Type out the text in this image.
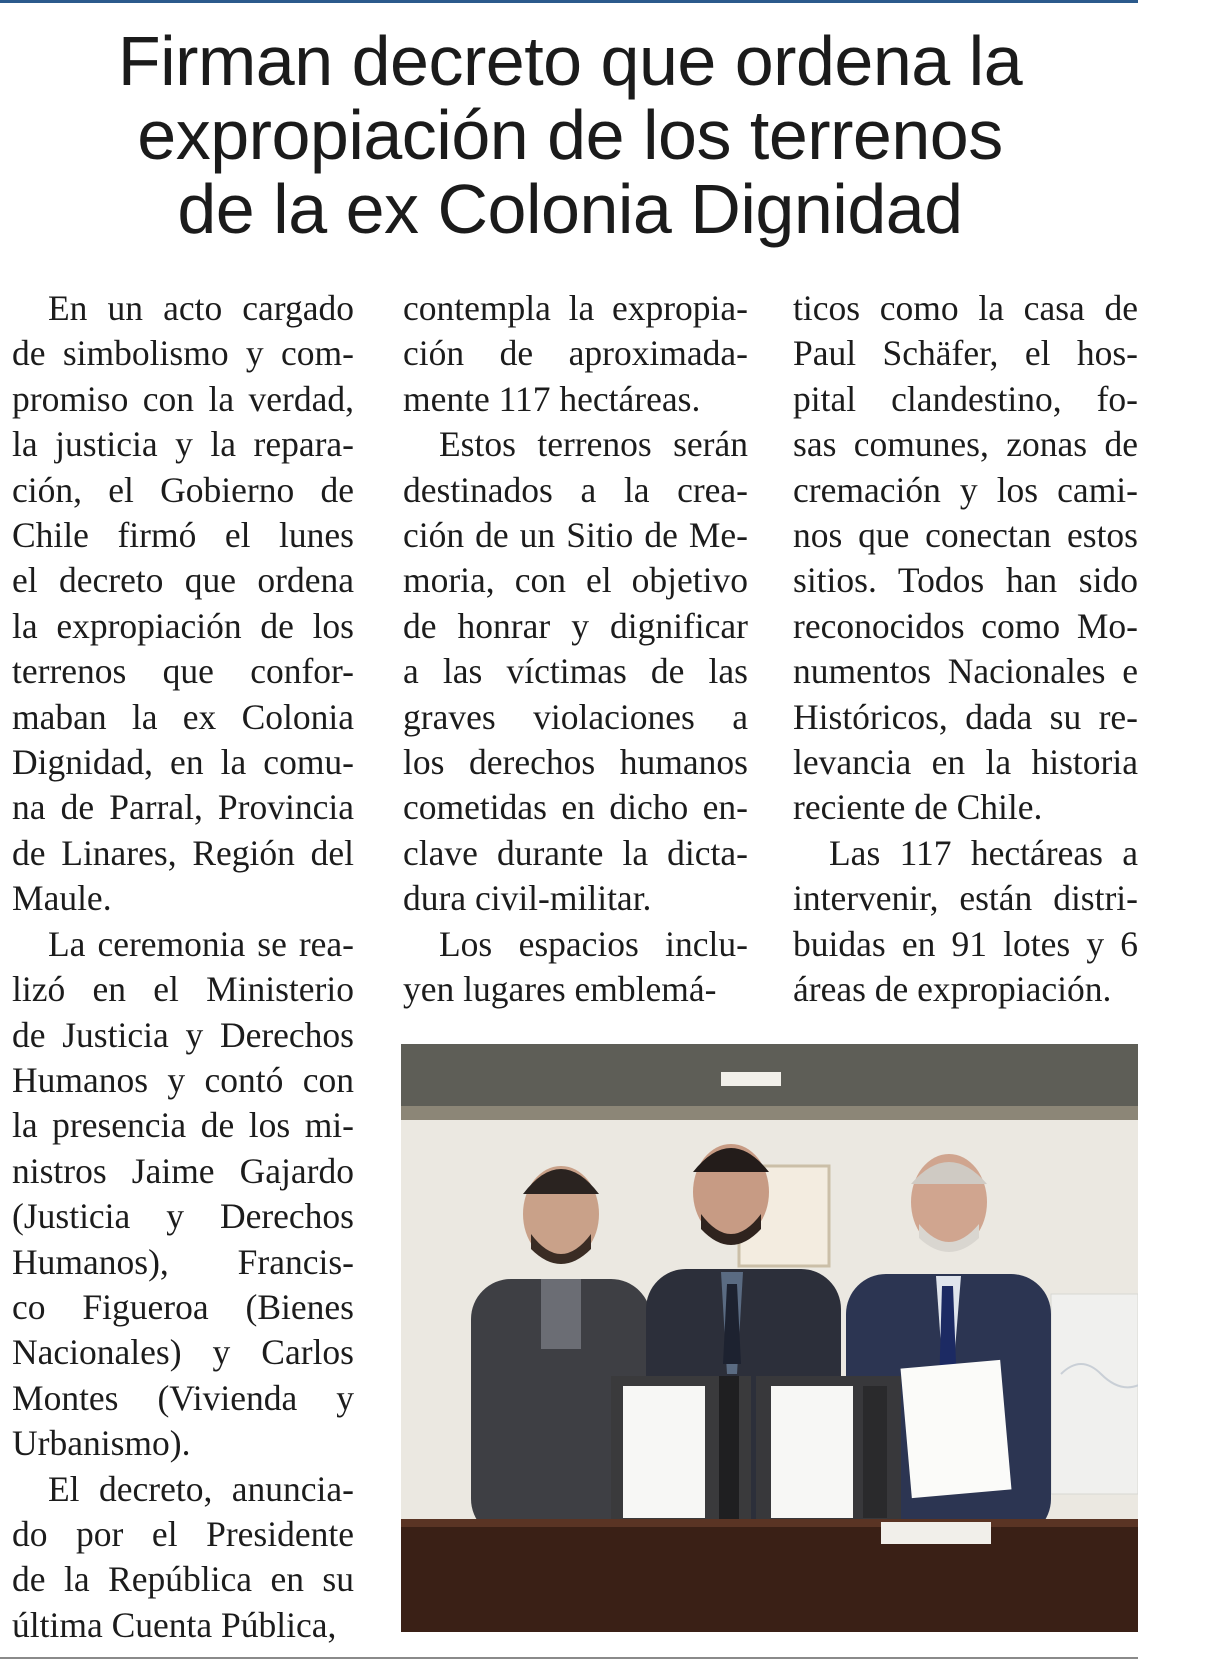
Firman decreto que ordena la
expropiación de los terrenos
de la ex Colonia Dignidad

En un acto cargado
de simbolismo y com-
promiso con la verdad,
la justicia y la repara-
ción, el Gobierno de
Chile firmó el lunes
el decreto que ordena
la expropiación de los
terrenos que confor-
maban la ex Colonia
Dignidad, en la comu-
na de Parral, Provincia
de Linares, Región del
Maule.

La ceremonia se rea-
lizó en el Ministerio
de Justicia y Derechos
Humanos y contó con
la presencia de los mi-
nistros Jaime Gajardo
(Justicia y Derechos
Humanos), Francis-
co Figueroa (Bienes
Nacionales) y Carlos
Montes (Vivienda y
Urbanismo).

El decreto, anuncia-
do por el Presidente
de la República en su
última Cuenta Pública,

contempla la expropia-
ción de aproximada-
mente 117 hectáreas.

Estos terrenos serán
destinados a la crea-
ción de un Sitio de Me-
moria, con el objetivo
de honrar y dignificar
a las víctimas de las
graves violaciones a
los derechos humanos
cometidas en dicho en-
clave durante la dicta-
dura civil-militar.

Los espacios inclu-
yen lugares emblemá-

ticos como la casa de
Paul Schäfer, el hos-
pital clandestino, fo-
sas comunes, zonas de
cremación y los cami-
nos que conectan estos
sitios. Todos han sido
reconocidos como Mo-
numentos Nacionales e
Históricos, dada su re-
levancia en la historia
reciente de Chile.

Las 117 hectáreas a
intervenir, están distri-
buidas en 91 lotes y 6
áreas de expropiación.
